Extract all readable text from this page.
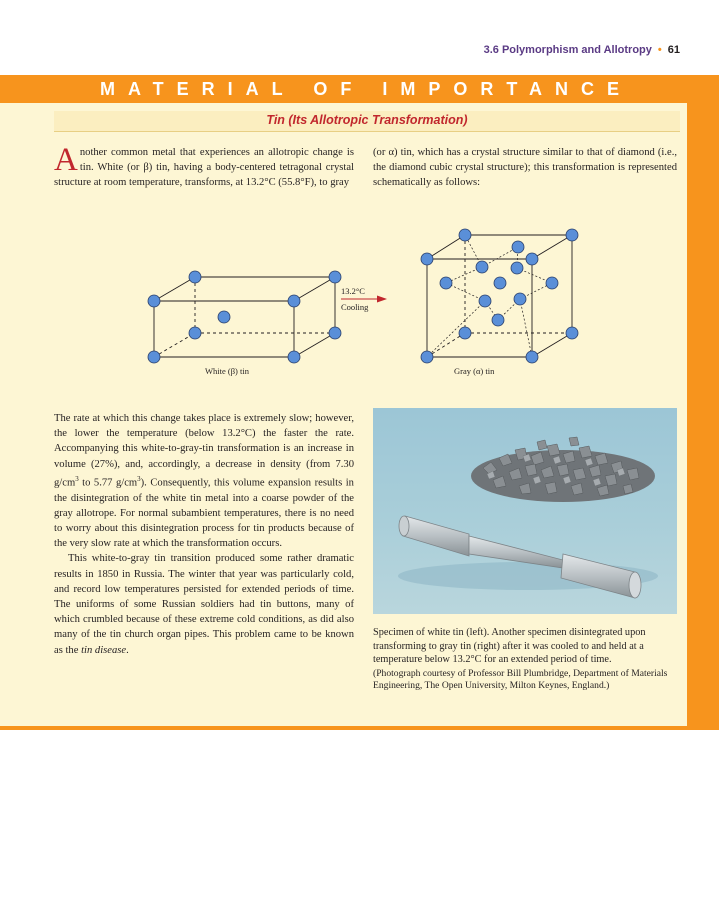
3.6 Polymorphism and Allotropy • 61
MATERIAL OF IMPORTANCE
Tin (Its Allotropic Transformation)

Another common metal that experiences an allotropic change is tin. White (or β) tin, having a body-centered tetragonal crystal structure at room temperature, transforms, at 13.2°C (55.8°F), to gray

(or α) tin, which has a crystal structure similar to that of diamond (i.e., the diamond cubic crystal structure); this transformation is represented schematically as follows:

White (β) tin
13.2°C
Cooling
Gray (α) tin

The rate at which this change takes place is extremely slow; however, the lower the temperature (below 13.2°C) the faster the rate. Accompanying this white-to-gray-tin transformation is an increase in volume (27%), and, accordingly, a decrease in density (from 7.30 $g/cm^3$ to 5.77 $g/cm^3$). Consequently, this volume expansion results in the disintegration of the white tin metal into a coarse powder of the gray allotrope. For normal subambient temperatures, there is no need to worry about this disintegration process for tin products because of the very slow rate at which the transformation occurs.

This white-to-gray tin transition produced some rather dramatic results in 1850 in Russia. The winter that year was particularly cold, and record low temperatures persisted for extended periods of time. The uniforms of some Russian soldiers had tin buttons, many of which crumbled because of these extreme cold conditions, as did also many of the tin church organ pipes. This problem came to be known as the tin disease.

Specimen of white tin (left). Another specimen disintegrated upon transforming to gray tin (right) after it was cooled to and held at a temperature below 13.2°C for an extended period of time.

(Photograph courtesy of Professor Bill Plumbridge, Department of Materials Engineering, The Open University, Milton Keynes, England.)
